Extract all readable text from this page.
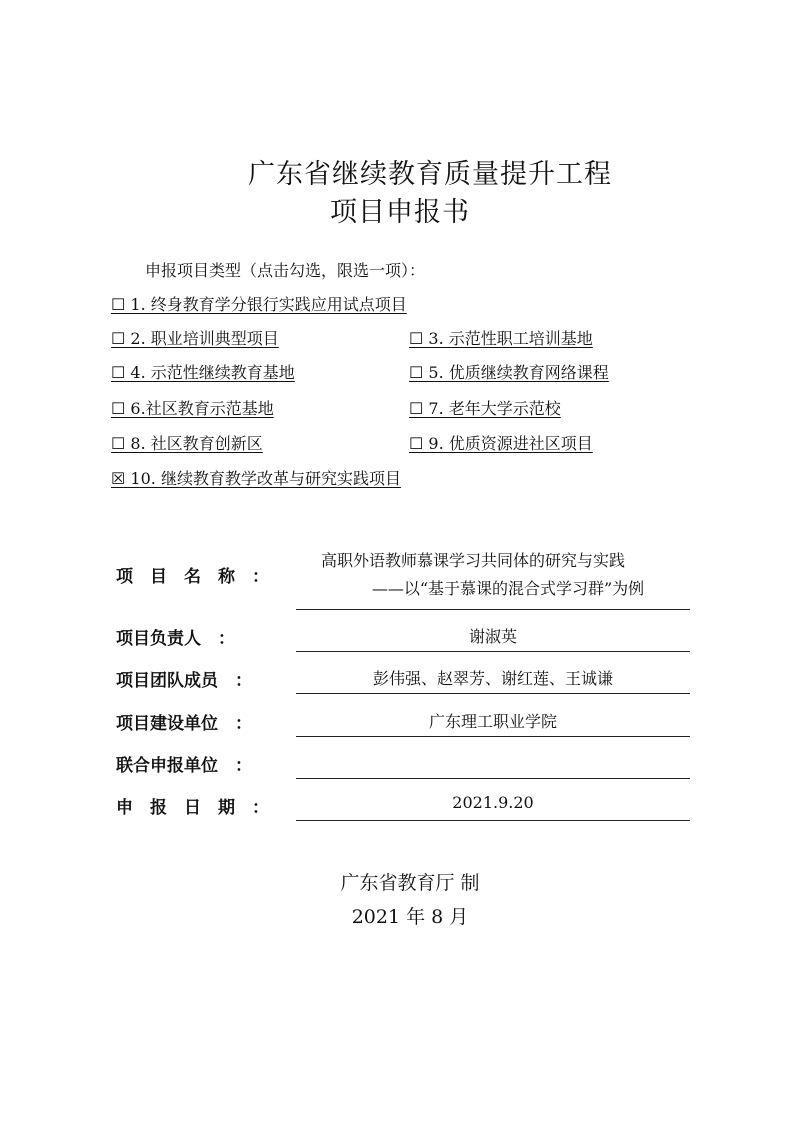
广东省继续教育质量提升工程
项目申报书
申报项目类型（点击勾选，限选一项）：
☐ 1. 终身教育学分银行实践应用试点项目
☐ 2. 职业培训典型项目	☐ 3. 示范性职工培训基地
☐ 4. 示范性继续教育基地	☐ 5. 优质继续教育网络课程
☐ 6.社区教育示范基地	☐ 7. 老年大学示范校
☐ 8. 社区教育创新区	☐ 9. 优质资源进社区项目
☒ 10. 继续教育教学改革与研究实践项目
项　目　名　称　：
高职外语教师慕课学习共同体的研究与实践
——以“基于慕课的混合式学习群”为例
项目负责人　：	谢淑英
项目团队成员　：	彭伟强、赵翠芳、谢红莲、王诚谦
项目建设单位　：	广东理工职业学院
联合申报单位　：
申　报　日　期　：	2021.9.20
广东省教育厅 制
2021 年 8 月
